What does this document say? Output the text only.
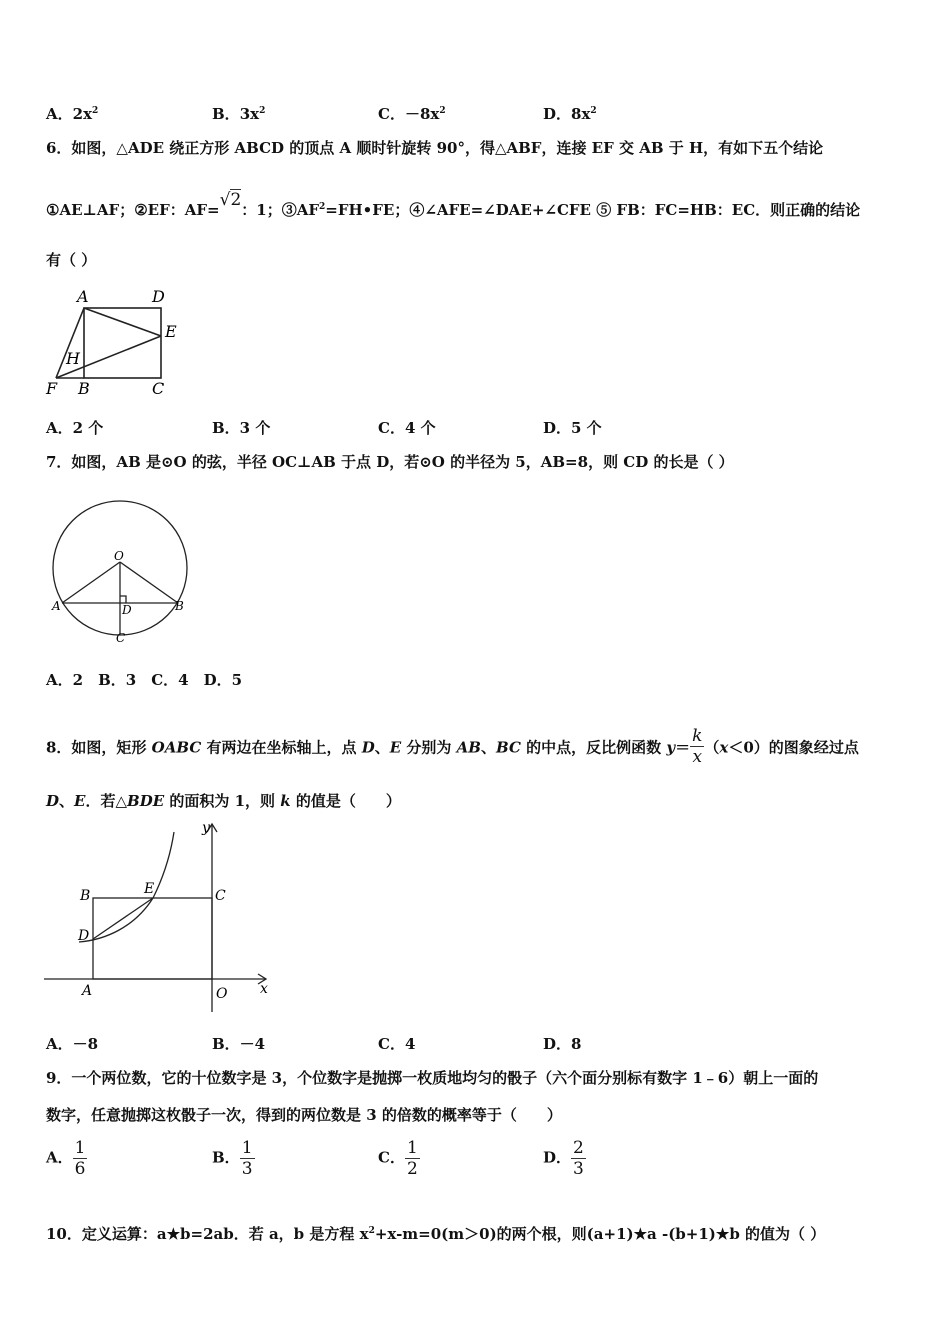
A．$2x^2$	B．$3x^2$	C．$-8x^2$	D．$8x^2$
6．如图，△ADE 绕正方形 ABCD 的顶点 A 顺时针旋转 90°，得△ABF，连接 EF 交 AB 于 H，有如下五个结论
①AE⊥AF；②EF：AF=√2：1；$③AF^2=FH•FE$；④∠AFE=∠DAE+∠CFE ⑤ FB：FC=HB：EC．则正确的结论
有（ ）
A	D
E
H
F B	C
A．2 个	B．3 个	C．4 个	D．5 个
7．如图，AB 是⊙O 的弦，半径 OC⊥AB 于点 D，若⊙O 的半径为 5，AB=8，则 CD 的长是（ ）
O
A	B
D
C
A．2　B．3　C．4　D．5
8．如图，矩形 OABC 有两边在坐标轴上，点 D、E 分别为 AB、BC 的中点，反比例函数 $y= \frac{k}{x} (x<0)$的图象经过点
D、E．若△BDE 的面积为 1，则 k 的值是（　　）
y
B	E	C
D
A	O x
A．－8	B．－4	C．4	D．8
9．一个两位数，它的十位数字是 3，个位数字是抛掷一枚质地均匀的骰子（六个面分别标有数字 1﹣6）朝上一面的
数字，任意抛掷这枚骰子一次，得到的两位数是 3 的倍数的概率等于（　　）
A． $\frac{1}{6}$	B． $\frac{1}{3}$	C． $\frac{1}{2}$	D． $\frac{2}{3}$
10．定义运算：a★b=2ab．若 a，b 是方程 $x^2+x-m=0(m>0)$的两个根，则(a+1)★a -(b+1)★b 的值为（ ）
